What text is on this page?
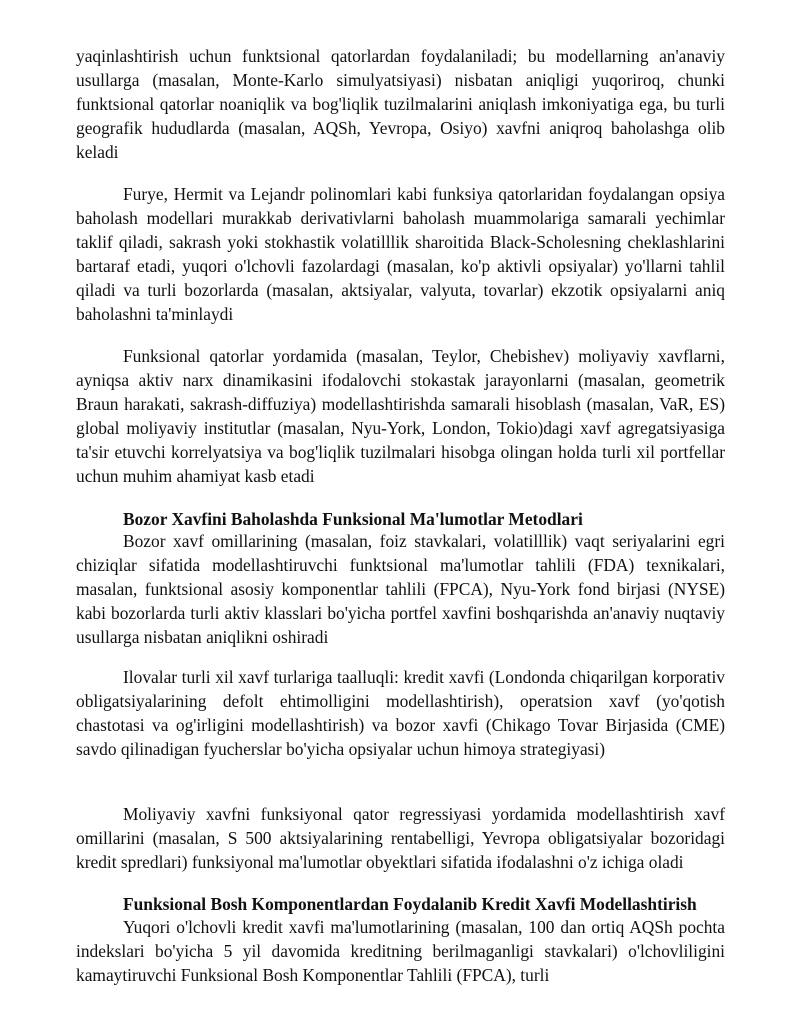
yaqinlashtirish uchun funktsional qatorlardan foydalaniladi; bu modellarning an'anaviy usullarga (masalan, Monte-Karlo simulyatsiyasi) nisbatan aniqligi yuqoriroq, chunki funktsional qatorlar noaniqlik va bog'liqlik tuzilmalarini aniqlash imkoniyatiga ega, bu turli geografik hududlarda (masalan, AQSh, Yevropa, Osiyo) xavfni aniqroq baholashga olib keladi

Furye, Hermit va Lejandr polinomlari kabi funksiya qatorlaridan foydalangan opsiya baholash modellari murakkab derivativlarni baholash muammolariga samarali yechimlar taklif qiladi, sakrash yoki stokhastik volatilllik sharoitida Black-Scholesning cheklashlarini bartaraf etadi, yuqori o'lchovli fazolardagi (masalan, ko'p aktivli opsiyalar) yo'llarni tahlil qiladi va turli bozorlarda (masalan, aktsiyalar, valyuta, tovarlar) ekzotik opsiyalarni aniq baholashni ta'minlaydi

Funksional qatorlar yordamida (masalan, Teylor, Chebishev) moliyaviy xavflarni, ayniqsa aktiv narx dinamikasini ifodalovchi stokastak jarayonlarni (masalan, geometrik Braun harakati, sakrash-diffuziya) modellashtirishda samarali hisoblash (masalan, VaR, ES) global moliyaviy institutlar (masalan, Nyu-York, London, Tokio)dagi xavf agregatsiyasiga ta'sir etuvchi korrelyatsiya va bog'liqlik tuzilmalari hisobga olingan holda turli xil portfellar uchun muhim ahamiyat kasb etadi

Bozor Xavfini Baholashda Funksional Ma'lumotlar Metodlari

Bozor xavf omillarining (masalan, foiz stavkalari, volatilllik) vaqt seriyalarini egri chiziqlar sifatida modellashtiruvchi funktsional ma'lumotlar tahlili (FDA) texnikalari, masalan, funktsional asosiy komponentlar tahlili (FPCA), Nyu-York fond birjasi (NYSE) kabi bozorlarda turli aktiv klasslari bo'yicha portfel xavfini boshqarishda an'anaviy nuqtaviy usullarga nisbatan aniqlikni oshiradi

Ilovalar turli xil xavf turlariga taalluqli: kredit xavfi (Londonda chiqarilgan korporativ obligatsiyalarining defolt ehtimolligini modellashtirish), operatsion xavf (yo'qotish chastotasi va og'irligini modellashtirish) va bozor xavfi (Chikago Tovar Birjasida (CME) savdo qilinadigan fyucherslar bo'yicha opsiyalar uchun himoya strategiyasi)

Moliyaviy xavfni funksiyonal qator regressiyasi yordamida modellashtirish xavf omillarini (masalan, S 500 aktsiyalarining rentabelligi, Yevropa obligatsiyalar bozoridagi kredit spredlari) funksiyonal ma'lumotlar obyektlari sifatida ifodalashni o'z ichiga oladi

Funksional Bosh Komponentlardan Foydalanib Kredit Xavfi Modellashtirish

Yuqori o'lchovli kredit xavfi ma'lumotlarining (masalan, 100 dan ortiq AQSh pochta indekslari bo'yicha 5 yil davomida kreditning berilmaganligi stavkalari) o'lchovliligini kamaytiruvchi Funksional Bosh Komponentlar Tahlili (FPCA), turli
